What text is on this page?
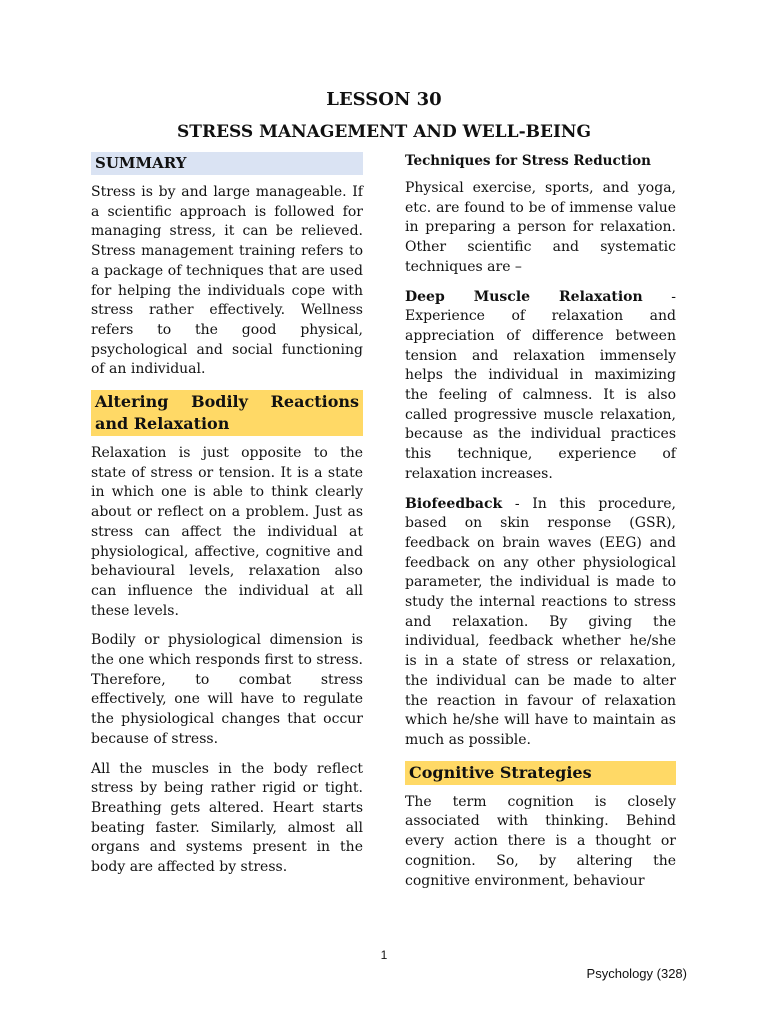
LESSON 30
STRESS MANAGEMENT AND WELL-BEING
SUMMARY

Stress is by and large manageable. If a scientific approach is followed for managing stress, it can be relieved. Stress management training refers to a package of techniques that are used for helping the individuals cope with stress rather effectively. Wellness refers to the good physical, psychological and social functioning of an individual.

Altering Bodily Reactions and Relaxation

Relaxation is just opposite to the state of stress or tension. It is a state in which one is able to think clearly about or reflect on a problem. Just as stress can affect the individual at physiological, affective, cognitive and behavioural levels, relaxation also can influence the individual at all these levels.

Bodily or physiological dimension is the one which responds first to stress. Therefore, to combat stress effectively, one will have to regulate the physiological changes that occur because of stress.

All the muscles in the body reflect stress by being rather rigid or tight. Breathing gets altered. Heart starts beating faster. Similarly, almost all organs and systems present in the body are affected by stress.

Techniques for Stress Reduction

Physical exercise, sports, and yoga, etc. are found to be of immense value in preparing a person for relaxation. Other scientific and systematic techniques are –

Deep Muscle Relaxation - Experience of relaxation and appreciation of difference between tension and relaxation immensely helps the individual in maximizing the feeling of calmness. It is also called progressive muscle relaxation, because as the individual practices this technique, experience of relaxation increases.

Biofeedback - In this procedure, based on skin response (GSR), feedback on brain waves (EEG) and feedback on any other physiological parameter, the individual is made to study the internal reactions to stress and relaxation. By giving the individual, feedback whether he/she is in a state of stress or relaxation, the individual can be made to alter the reaction in favour of relaxation which he/she will have to maintain as much as possible.

Cognitive Strategies

The term cognition is closely associated with thinking. Behind every action there is a thought or cognition. So, by altering the cognitive environment, behaviour

1

Psychology (328)
